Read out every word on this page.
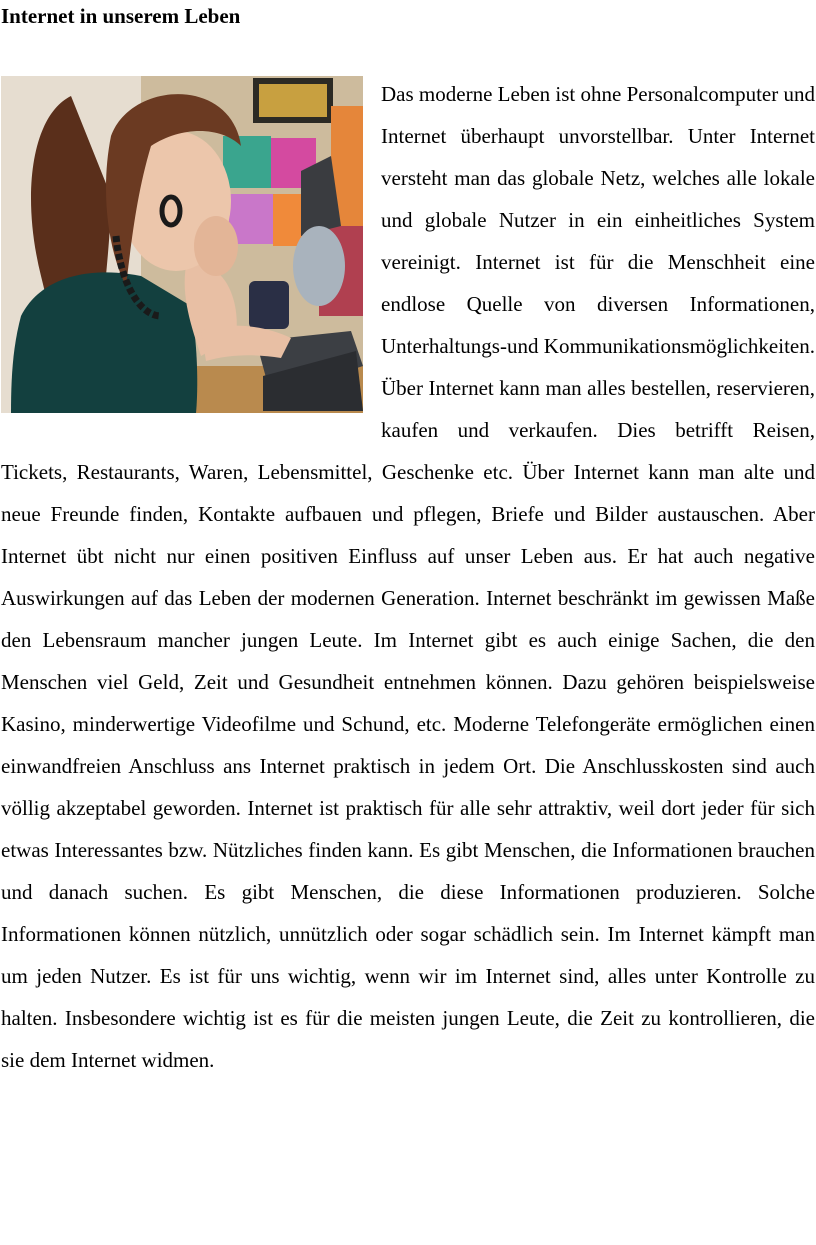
Internet in unserem Leben

Das moderne Leben ist ohne Personalcomputer und Internet überhaupt unvorstellbar. Unter Internet versteht man das globale Netz, welches alle lokale und globale Nutzer in ein einheitliches System vereinigt. Internet ist für die Menschheit eine endlose Quelle von diversen Informationen, Unterhaltungs-und Kommunikationsmöglichkeiten. Über Internet kann man alles bestellen, reservieren, kaufen und verkaufen. Dies betrifft Reisen, Tickets, Restaurants, Waren, Lebensmittel, Geschenke etc. Über Internet kann man alte und neue Freunde finden, Kontakte aufbauen und pflegen, Briefe und Bilder austauschen. Aber Internet übt nicht nur einen positiven Einfluss auf unser Leben aus. Er hat auch negative Auswirkungen auf das Leben der modernen Generation. Internet beschränkt im gewissen Maße den Lebensraum mancher jungen Leute. Im Internet gibt es auch einige Sachen, die den Menschen viel Geld, Zeit und Gesundheit entnehmen können. Dazu gehören beispielsweise Kasino, minderwertige Videofilme und Schund, etc. Moderne Telefongeräte ermöglichen einen einwandfreien Anschluss ans Internet praktisch in jedem Ort. Die Anschlusskosten sind auch völlig akzeptabel geworden. Internet ist praktisch für alle sehr attraktiv, weil dort jeder für sich etwas Interessantes bzw. Nützliches finden kann. Es gibt Menschen, die Informationen brauchen und danach suchen. Es gibt Menschen, die diese Informationen produzieren. Solche Informationen können nützlich, unnützlich oder sogar schädlich sein. Im Internet kämpft man um jeden Nutzer. Es ist für uns wichtig, wenn wir im Internet sind, alles unter Kontrolle zu halten. Insbesondere wichtig ist es für die meisten jungen Leute, die Zeit zu kontrollieren, die sie dem Internet widmen.
